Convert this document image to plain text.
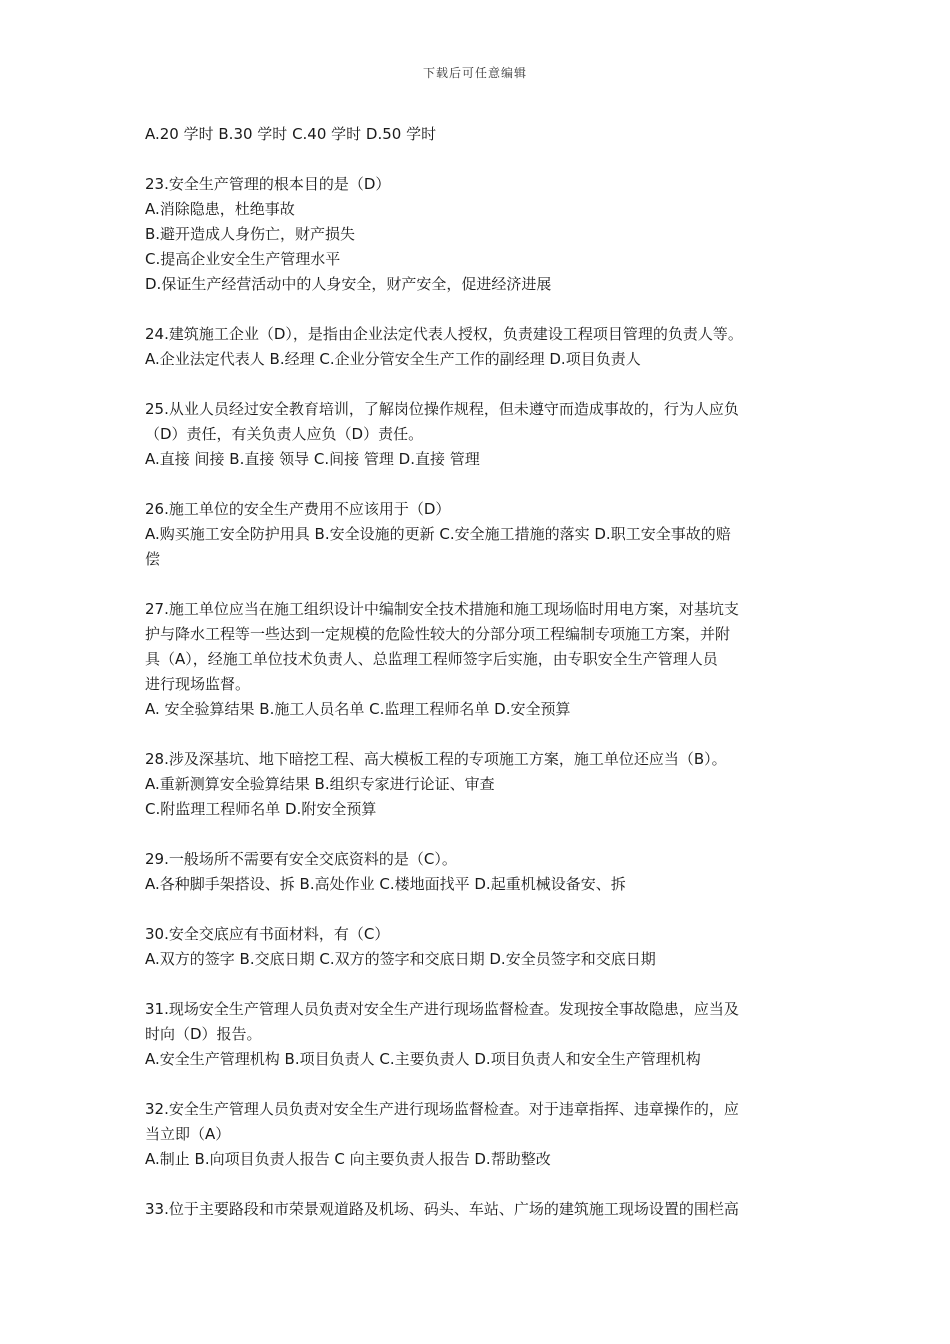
下载后可任意编辑
A.20 学时 B.30 学时 C.40 学时 D.50 学时
23.安全生产管理的根本目的是（D）
A.消除隐患，杜绝事故
B.避开造成人身伤亡，财产损失
C.提高企业安全生产管理水平
D.保证生产经营活动中的人身安全，财产安全，促进经济进展
24.建筑施工企业（D），是指由企业法定代表人授权，负责建设工程项目管理的负责人等。
A.企业法定代表人 B.经理 C.企业分管安全生产工作的副经理 D.项目负责人
25.从业人员经过安全教育培训，了解岗位操作规程，但未遵守而造成事故的，行为人应负
（D）责任，有关负责人应负（D）责任。
A.直接 间接 B.直接 领导 C.间接 管理 D.直接 管理
26.施工单位的安全生产费用不应该用于（D）
A.购买施工安全防护用具 B.安全设施的更新 C.安全施工措施的落实 D.职工安全事故的赔
偿
27.施工单位应当在施工组织设计中编制安全技术措施和施工现场临时用电方案，对基坑支
护与降水工程等一些达到一定规模的危险性较大的分部分项工程编制专项施工方案，并附
具（A），经施工单位技术负责人、总监理工程师签字后实施，由专职安全生产管理人员
进行现场监督。
A. 安全验算结果 B.施工人员名单 C.监理工程师名单 D.安全预算
28.涉及深基坑、地下暗挖工程、高大模板工程的专项施工方案，施工单位还应当（B）。
A.重新测算安全验算结果 B.组织专家进行论证、审查
C.附监理工程师名单 D.附安全预算
29.一般场所不需要有安全交底资料的是（C）。
A.各种脚手架搭设、拆 B.高处作业 C.楼地面找平 D.起重机械设备安、拆
30.安全交底应有书面材料，有（C）
A.双方的签字 B.交底日期 C.双方的签字和交底日期 D.安全员签字和交底日期
31.现场安全生产管理人员负责对安全生产进行现场监督检查。发现按全事故隐患，应当及
时向（D）报告。
A.安全生产管理机构 B.项目负责人 C.主要负责人 D.项目负责人和安全生产管理机构
32.安全生产管理人员负责对安全生产进行现场监督检查。对于违章指挥、违章操作的，应
当立即（A）
A.制止 B.向项目负责人报告 C 向主要负责人报告 D.帮助整改
33.位于主要路段和市荣景观道路及机场、码头、车站、广场的建筑施工现场设置的围栏高
